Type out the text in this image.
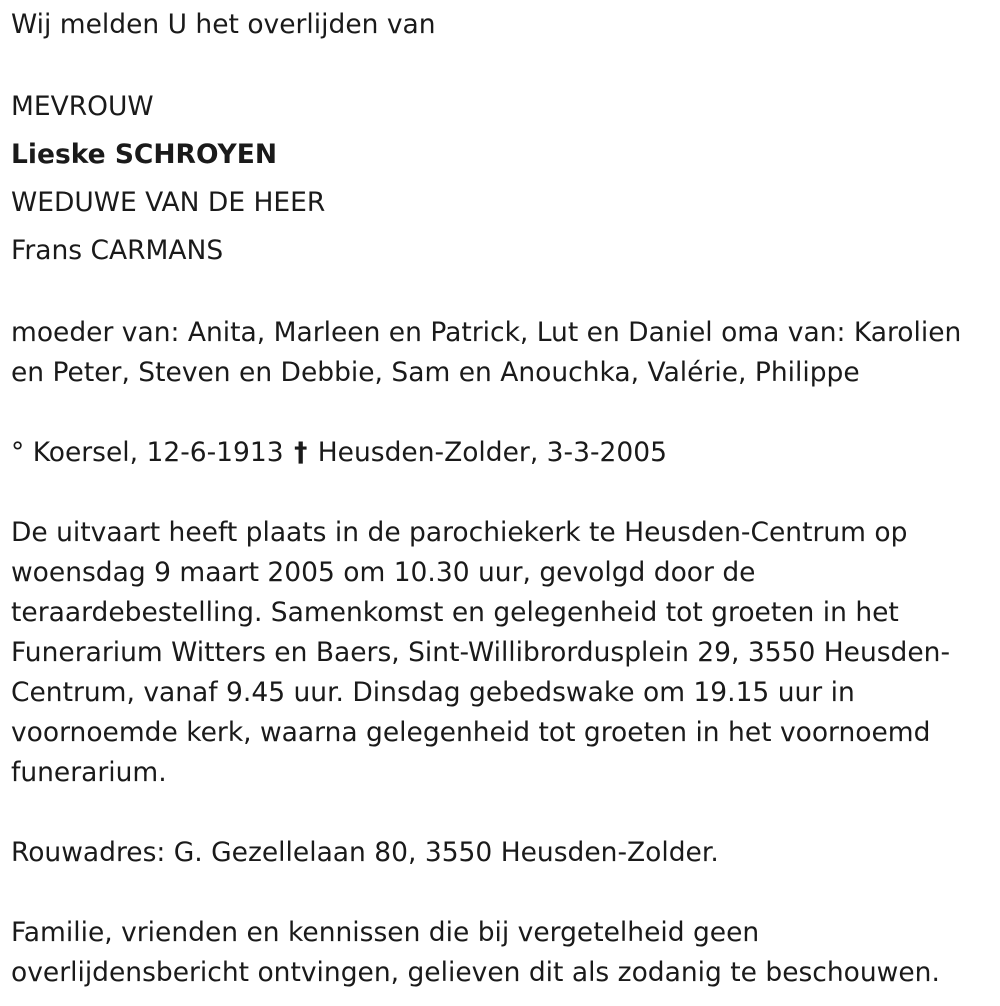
Wij melden U het overlijden van

MEVROUW

Lieske SCHROYEN

WEDUWE VAN DE HEER

Frans CARMANS

moeder van: Anita, Marleen en Patrick, Lut en Daniel oma van: Karolien

en Peter, Steven en Debbie, Sam en Anouchka, Valérie, Philippe

° Koersel, 12-6-1913 † Heusden-Zolder, 3-3-2005

De uitvaart heeft plaats in de parochiekerk te Heusden-Centrum op

woensdag 9 maart 2005 om 10.30 uur, gevolgd door de

teraardebestelling. Samenkomst en gelegenheid tot groeten in het

Funerarium Witters en Baers, Sint-Willibrordusplein 29, 3550 Heusden-

Centrum, vanaf 9.45 uur. Dinsdag gebedswake om 19.15 uur in

voornoemde kerk, waarna gelegenheid tot groeten in het voornoemd

funerarium.

Rouwadres: G. Gezellelaan 80, 3550 Heusden-Zolder.

Familie, vrienden en kennissen die bij vergetelheid geen

overlijdensbericht ontvingen, gelieven dit als zodanig te beschouwen.
